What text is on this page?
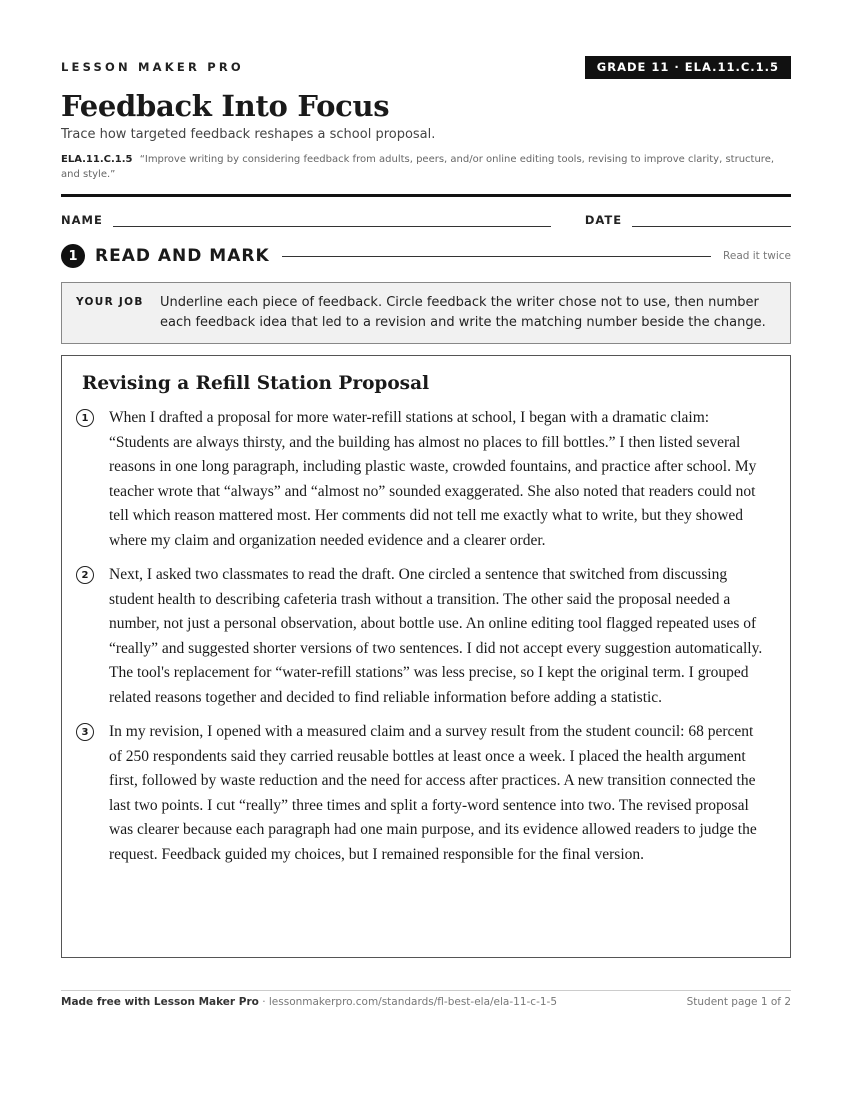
LESSON MAKER PRO	GRADE 11 · ELA.11.C.1.5
Feedback Into Focus
Trace how targeted feedback reshapes a school proposal.
ELA.11.C.1.5 “Improve writing by considering feedback from adults, peers, and/or online editing tools, revising to improve clarity, structure, and style.”
NAME	DATE
1	READ AND MARK	Read it twice
YOUR JOB	Underline each piece of feedback. Circle feedback the writer chose not to use, then number each feedback idea that led to a revision and write the matching number beside the change.
Revising a Refill Station Proposal
1	When I drafted a proposal for more water-refill stations at school, I began with a dramatic claim: “Students are always thirsty, and the building has almost no places to fill bottles.” I then listed several reasons in one long paragraph, including plastic waste, crowded fountains, and practice after school. My teacher wrote that “always” and “almost no” sounded exaggerated. She also noted that readers could not tell which reason mattered most. Her comments did not tell me exactly what to write, but they showed where my claim and organization needed evidence and a clearer order.
2	Next, I asked two classmates to read the draft. One circled a sentence that switched from discussing student health to describing cafeteria trash without a transition. The other said the proposal needed a number, not just a personal observation, about bottle use. An online editing tool flagged repeated uses of “really” and suggested shorter versions of two sentences. I did not accept every suggestion automatically. The tool's replacement for “water-refill stations” was less precise, so I kept the original term. I grouped related reasons together and decided to find reliable information before adding a statistic.
3	In my revision, I opened with a measured claim and a survey result from the student council: 68 percent of 250 respondents said they carried reusable bottles at least once a week. I placed the health argument first, followed by waste reduction and the need for access after practices. A new transition connected the last two points. I cut “really” three times and split a forty-word sentence into two. The revised proposal was clearer because each paragraph had one main purpose, and its evidence allowed readers to judge the request. Feedback guided my choices, but I remained responsible for the final version.
Made free with Lesson Maker Pro · lessonmakerpro.com/standards/fl-best-ela/ela-11-c-1-5	Student page 1 of 2
